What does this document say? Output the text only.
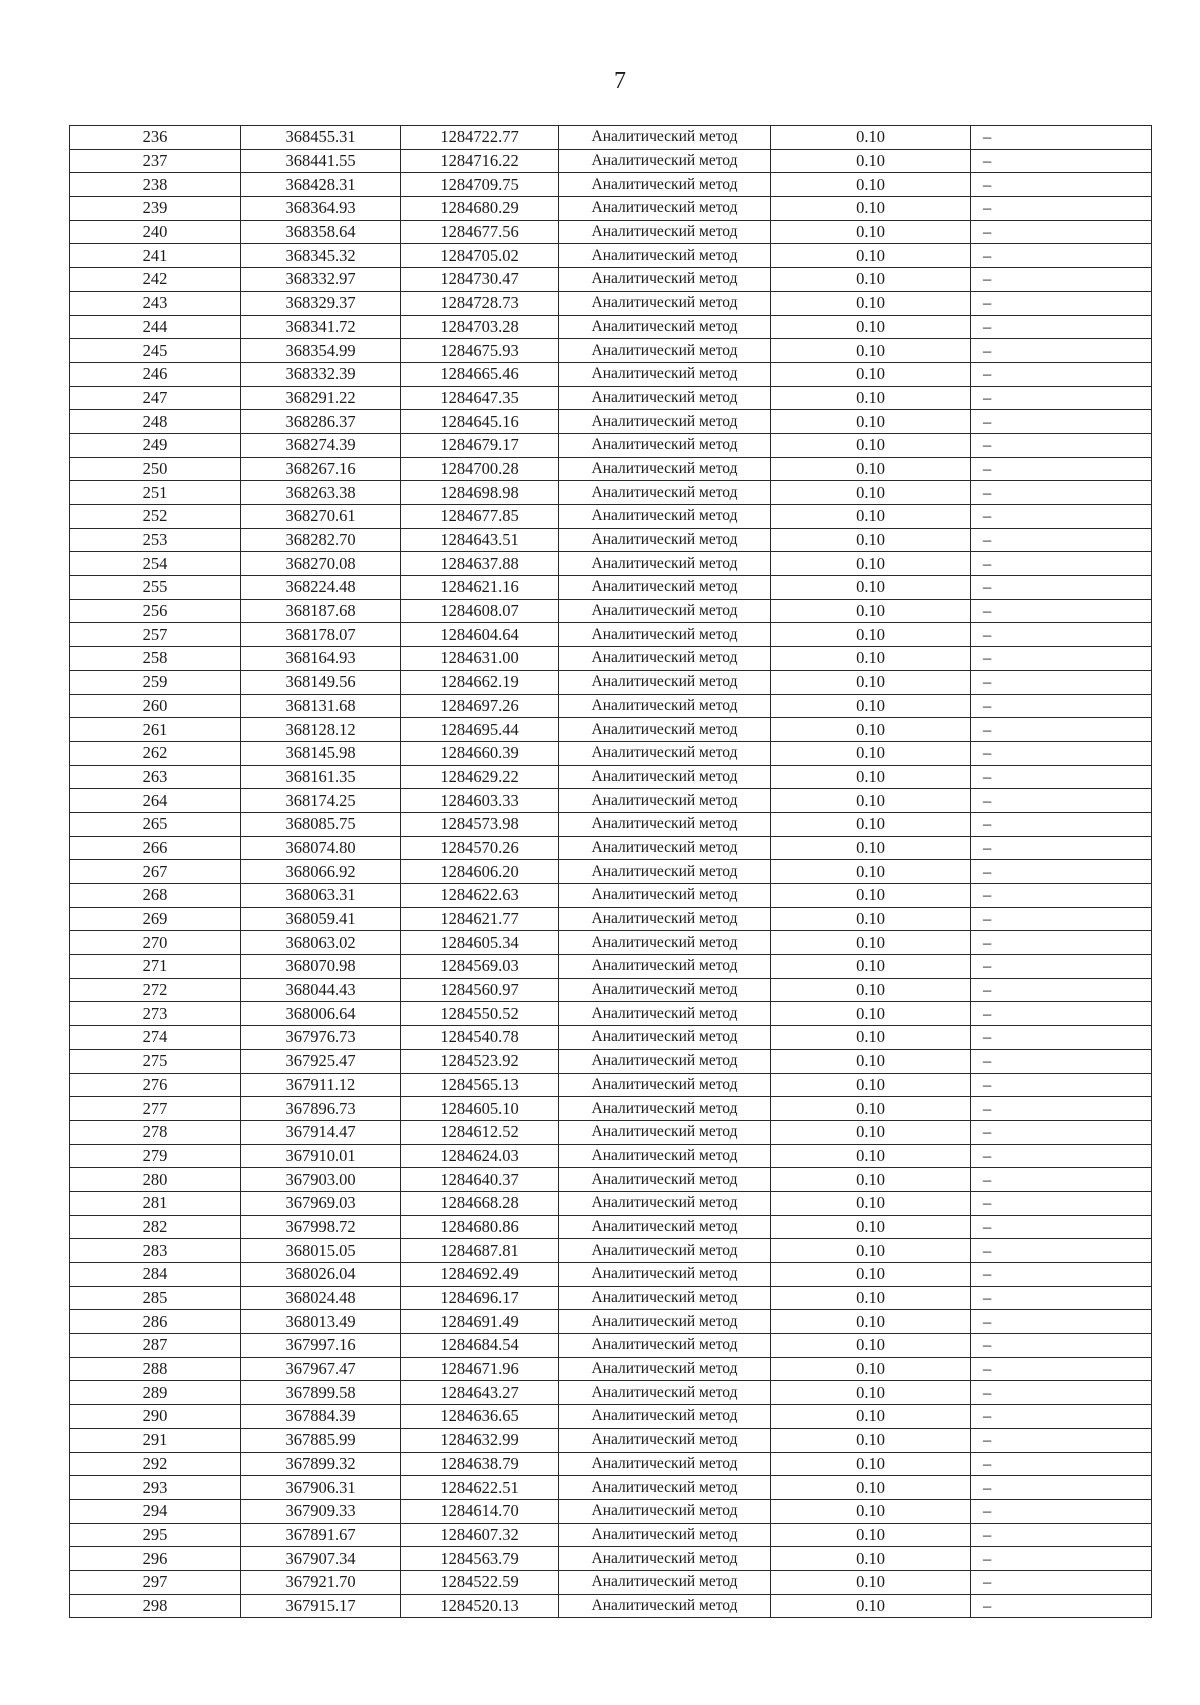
7
236	368455.31	1284722.77	Аналитический метод	0.10	–
237	368441.55	1284716.22	Аналитический метод	0.10	–
238	368428.31	1284709.75	Аналитический метод	0.10	–
239	368364.93	1284680.29	Аналитический метод	0.10	–
240	368358.64	1284677.56	Аналитический метод	0.10	–
241	368345.32	1284705.02	Аналитический метод	0.10	–
242	368332.97	1284730.47	Аналитический метод	0.10	–
243	368329.37	1284728.73	Аналитический метод	0.10	–
244	368341.72	1284703.28	Аналитический метод	0.10	–
245	368354.99	1284675.93	Аналитический метод	0.10	–
246	368332.39	1284665.46	Аналитический метод	0.10	–
247	368291.22	1284647.35	Аналитический метод	0.10	–
248	368286.37	1284645.16	Аналитический метод	0.10	–
249	368274.39	1284679.17	Аналитический метод	0.10	–
250	368267.16	1284700.28	Аналитический метод	0.10	–
251	368263.38	1284698.98	Аналитический метод	0.10	–
252	368270.61	1284677.85	Аналитический метод	0.10	–
253	368282.70	1284643.51	Аналитический метод	0.10	–
254	368270.08	1284637.88	Аналитический метод	0.10	–
255	368224.48	1284621.16	Аналитический метод	0.10	–
256	368187.68	1284608.07	Аналитический метод	0.10	–
257	368178.07	1284604.64	Аналитический метод	0.10	–
258	368164.93	1284631.00	Аналитический метод	0.10	–
259	368149.56	1284662.19	Аналитический метод	0.10	–
260	368131.68	1284697.26	Аналитический метод	0.10	–
261	368128.12	1284695.44	Аналитический метод	0.10	–
262	368145.98	1284660.39	Аналитический метод	0.10	–
263	368161.35	1284629.22	Аналитический метод	0.10	–
264	368174.25	1284603.33	Аналитический метод	0.10	–
265	368085.75	1284573.98	Аналитический метод	0.10	–
266	368074.80	1284570.26	Аналитический метод	0.10	–
267	368066.92	1284606.20	Аналитический метод	0.10	–
268	368063.31	1284622.63	Аналитический метод	0.10	–
269	368059.41	1284621.77	Аналитический метод	0.10	–
270	368063.02	1284605.34	Аналитический метод	0.10	–
271	368070.98	1284569.03	Аналитический метод	0.10	–
272	368044.43	1284560.97	Аналитический метод	0.10	–
273	368006.64	1284550.52	Аналитический метод	0.10	–
274	367976.73	1284540.78	Аналитический метод	0.10	–
275	367925.47	1284523.92	Аналитический метод	0.10	–
276	367911.12	1284565.13	Аналитический метод	0.10	–
277	367896.73	1284605.10	Аналитический метод	0.10	–
278	367914.47	1284612.52	Аналитический метод	0.10	–
279	367910.01	1284624.03	Аналитический метод	0.10	–
280	367903.00	1284640.37	Аналитический метод	0.10	–
281	367969.03	1284668.28	Аналитический метод	0.10	–
282	367998.72	1284680.86	Аналитический метод	0.10	–
283	368015.05	1284687.81	Аналитический метод	0.10	–
284	368026.04	1284692.49	Аналитический метод	0.10	–
285	368024.48	1284696.17	Аналитический метод	0.10	–
286	368013.49	1284691.49	Аналитический метод	0.10	–
287	367997.16	1284684.54	Аналитический метод	0.10	–
288	367967.47	1284671.96	Аналитический метод	0.10	–
289	367899.58	1284643.27	Аналитический метод	0.10	–
290	367884.39	1284636.65	Аналитический метод	0.10	–
291	367885.99	1284632.99	Аналитический метод	0.10	–
292	367899.32	1284638.79	Аналитический метод	0.10	–
293	367906.31	1284622.51	Аналитический метод	0.10	–
294	367909.33	1284614.70	Аналитический метод	0.10	–
295	367891.67	1284607.32	Аналитический метод	0.10	–
296	367907.34	1284563.79	Аналитический метод	0.10	–
297	367921.70	1284522.59	Аналитический метод	0.10	–
298	367915.17	1284520.13	Аналитический метод	0.10	–
